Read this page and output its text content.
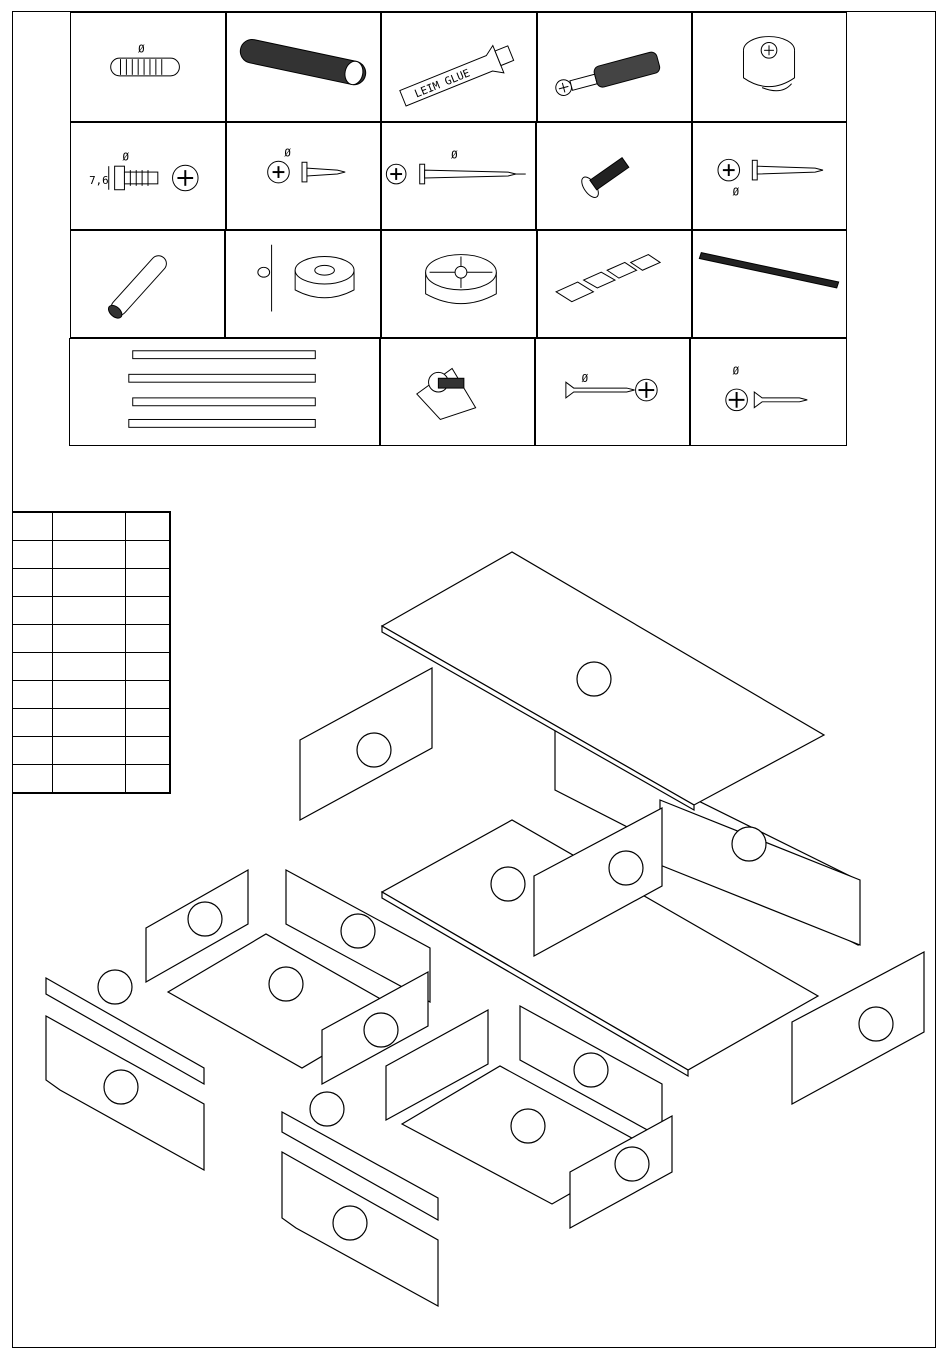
Ø
LEIM GLUE
Ø
7,6
Ø	Ø
Ø
Ø
Ø
